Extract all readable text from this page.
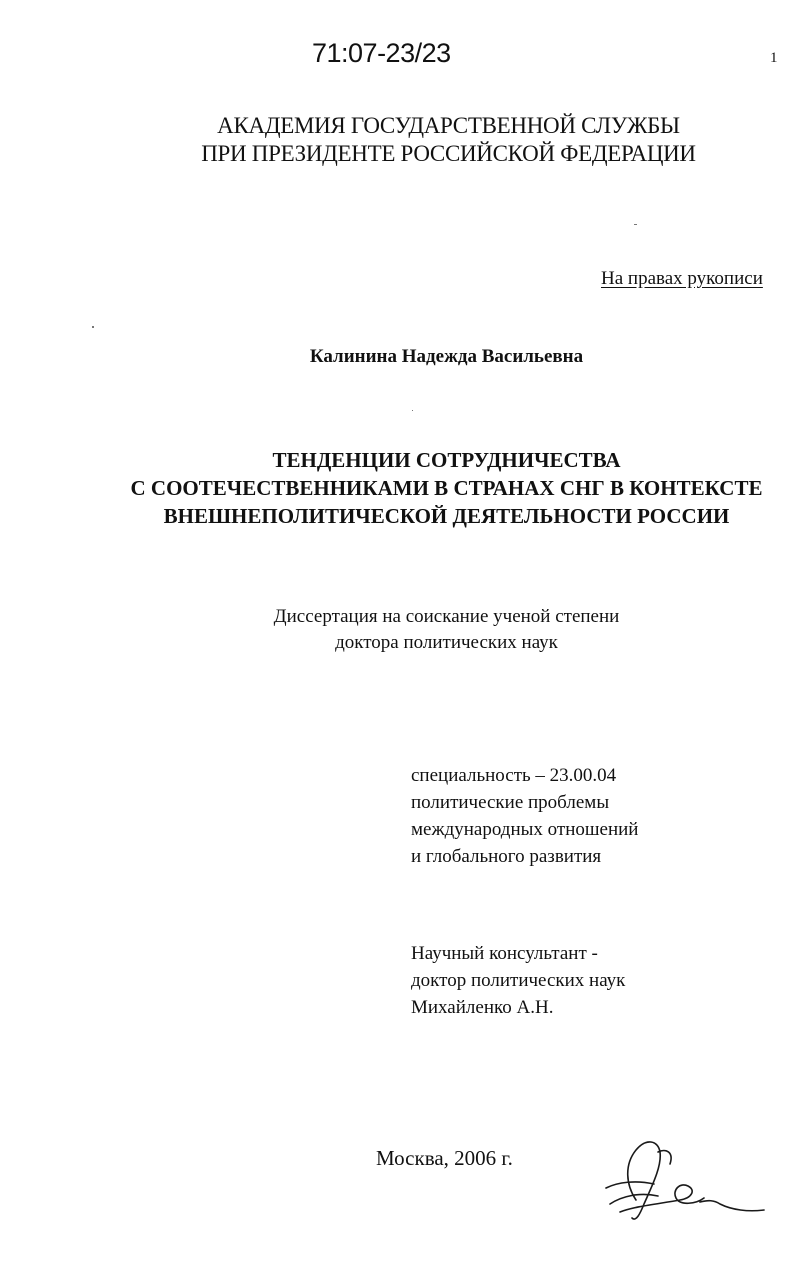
71:07-23/23	1
АКАДЕМИЯ ГОСУДАРСТВЕННОЙ СЛУЖБЫ
ПРИ ПРЕЗИДЕНТЕ РОССИЙСКОЙ ФЕДЕРАЦИИ
На правах рукописи
Калинина Надежда Васильевна
ТЕНДЕНЦИИ СОТРУДНИЧЕСТВА
С СООТЕЧЕСТВЕННИКАМИ В СТРАНАХ СНГ В КОНТЕКСТЕ
ВНЕШНЕПОЛИТИЧЕСКОЙ ДЕЯТЕЛЬНОСТИ РОССИИ
Диссертация на соискание ученой степени
доктора политических наук
специальность – 23.00.04
политические проблемы
международных отношений
и глобального развития
Научный консультант -
доктор политических наук
Михайленко А.Н.
Москва, 2006 г.
